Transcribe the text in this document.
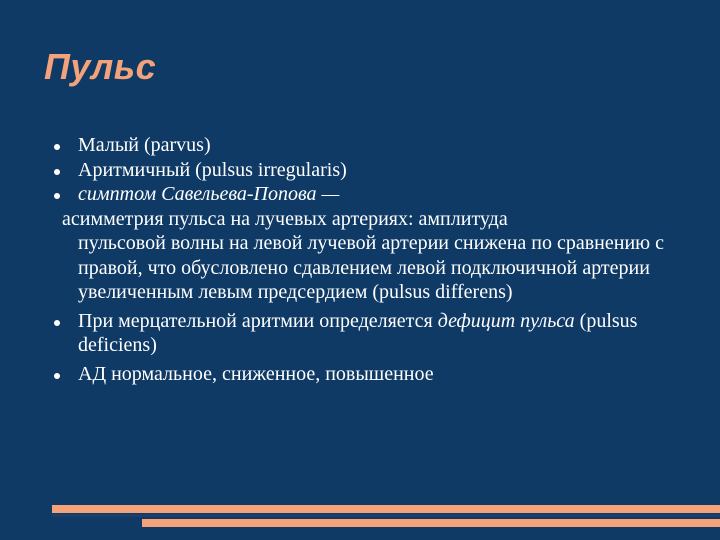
Пульс
Малый (parvus)
Аритмичный (pulsus irregularis)
симптом Савельева-Попова —
асимметрия пульса на лучевых артериях: амплитуда
пульсовой волны на левой лучевой артерии снижена по сравнению с правой, что обусловлено сдавлением левой подключичной артерии увеличенным левым предсердием (pulsus differens)
При мерцательной аритмии определяется дефицит пульса (pulsus deficiens)
АД нормальное, сниженное, повышенное
